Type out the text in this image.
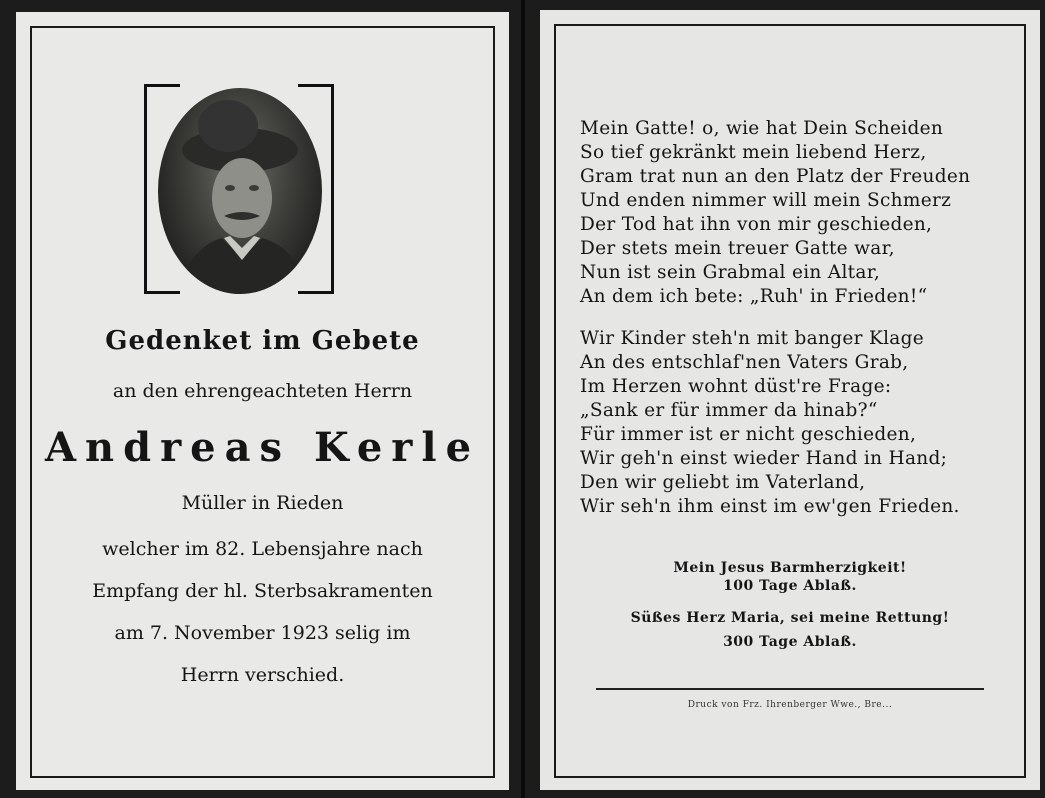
Gedenket im Gebete
an den ehrengeachteten Herrn
Andreas Kerle
Müller in Rieden
welcher im 82. Lebensjahre nach
Empfang der hl. Sterbsakramenten
am 7. November 1923 selig im
Herrn verschied.
Mein Gatte! o, wie hat Dein Scheiden
So tief gekränkt mein liebend Herz,
Gram trat nun an den Platz der Freuden
Und enden nimmer will mein Schmerz
Der Tod hat ihn von mir geschieden,
Der stets mein treuer Gatte war,
Nun ist sein Grabmal ein Altar,
An dem ich bete: „Ruh' in Frieden!“
Wir Kinder steh'n mit banger Klage
An des entschlaf'nen Vaters Grab,
Im Herzen wohnt düst're Frage:
„Sank er für immer da hinab?“
Für immer ist er nicht geschieden,
Wir geh'n einst wieder Hand in Hand;
Den wir geliebt im Vaterland,
Wir seh'n ihm einst im ew'gen Frieden.
Mein Jesus Barmherzigkeit!
100 Tage Ablaß.
Süßes Herz Maria, sei meine Rettung!
300 Tage Ablaß.
Druck von Frz. Ihrenberger Wwe., Bre...
